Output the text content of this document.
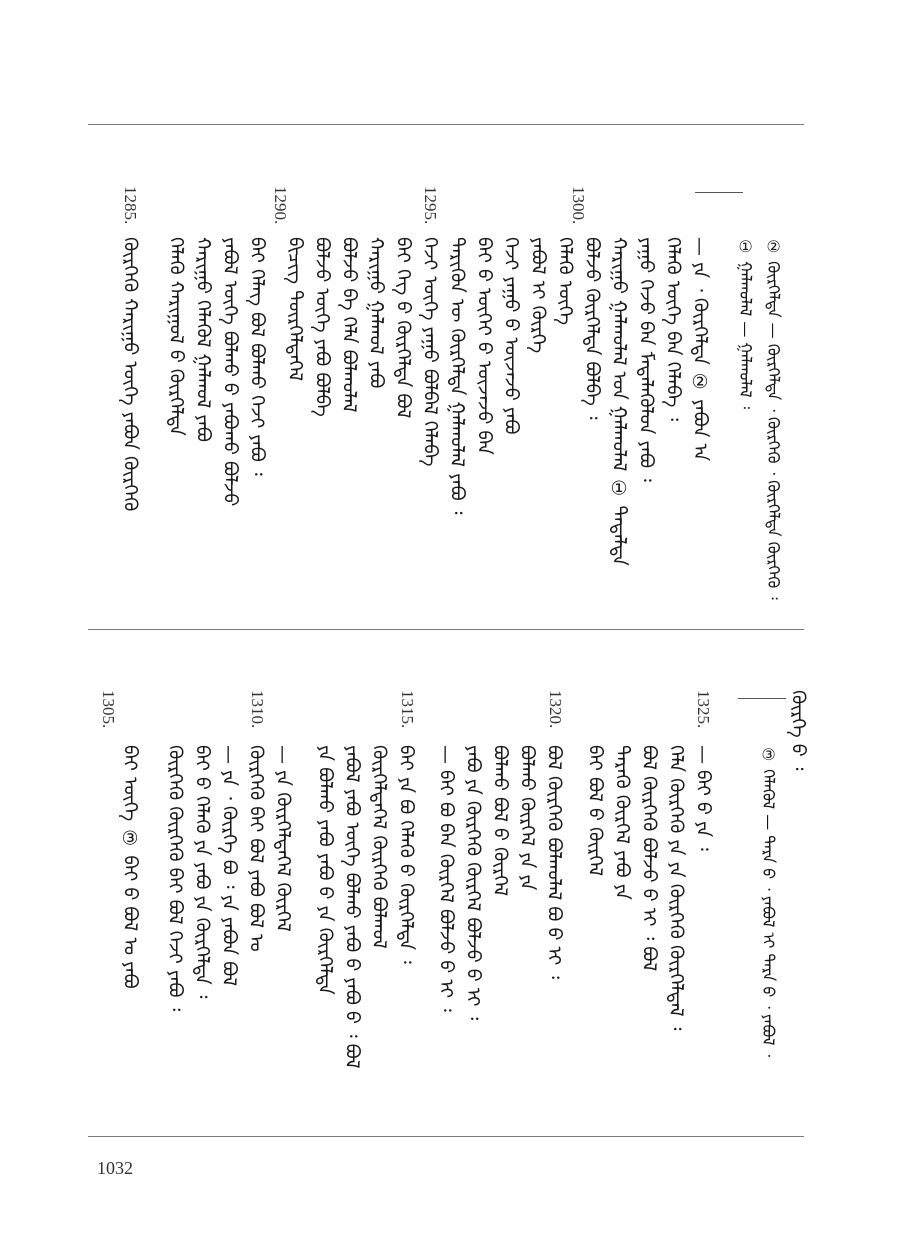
② ᠬᠦᠷᠭᠡᠯᠲᠡ — ᠬᠦᠷᠭᠡᠯᠲᠡ ᠂ ᠬᠦᠷᠭᠡᠬᠦ ᠂ ᠬᠦᠷᠭᠡᠯᠲᠡ ᠬᠦᠷᠭᠡᠬᠦ ᠄
① ᠭᠠᠯᠬᠤᠯᠠᠯ — ᠭᠠᠯᠬᠤᠯᠠᠯ ᠄
— ᠶᠠ ᠂ ᠬᠦᠷᠭᠡᠯᠲᠡ ② ᠶᠠᠪᠤᠨ ᠠ
ᠬᠡᠯᠡᠬᠦ ᠦᠭᠡ ᠪᠡᠨ ᠬᠡᠯᠡᠪᠡ ᠄
ᠶᠠᠭᠤ ᠭᠡᠵᠦ ᠪᠡᠨ ᠮᠡᠳᠡᠯᠡᠭᠦᠯᠦᠨ ᠶᠠᠪᠤ ᠄
ᠬᠠᠷᠢᠭᠤ ᠭᠠᠯᠬᠤᠯᠠᠯ ᠤᠨ ᠭᠠᠯᠬᠤᠯᠠᠯ ① ᠲᠠᠲᠠᠯᠲᠠ
ᠪᠣᠯᠵᠤ ᠬᠦᠷᠭᠡᠯᠲᠡ ᠪᠣᠯᠪᠠ ᠄
ᠬᠡᠯᠡᠬᠦ ᠦᠭᠡ
ᠶᠠᠪᠤᠯ ᠢ ᠬᠦᠷᠭᠡ
ᠬᠡᠵᠢ ᠶᠠᠭᠤ ᠪ ᠦᠵᠡᠵᠦ ᠶᠠᠪᠤ
ᠪᠠᠢ ᠪ ᠦᠭᠡᠢ ᠪ ᠦᠵᠡᠵᠦ ᠪᠡᠨ
ᠲᠡᠷᠢᠭᠦᠨ ᠦ ᠬᠦᠷᠭᠡᠯᠲᠡ ᠭᠠᠯᠬᠤᠯᠠᠯ ᠶᠠᠪᠤ ᠄
ᠬᠡᠵᠢ ᠦᠭᠡ ᠶᠠᠭᠤ ᠪᠣᠯᠪᠠᠯ ᠬᠡᠯᠡᠪᠡ
ᠪᠠᠢ ᠬᠡᠭ ᠪ ᠬᠦᠷᠭᠡᠯᠲᠡ ᠪᠣᠯ
ᠬᠠᠷᠢᠭᠤ ᠭᠠᠯᠬᠤᠯ ᠶᠠᠪᠤ
ᠪᠣᠯᠵᠤ ᠪᠡ ᠬᠡᠯᠡ ᠪᠣᠯᠬᠤᠯᠠᠯ
ᠪᠣᠯᠵᠤ ᠦᠭᠡ ᠶᠠᠪᠤ ᠪᠣᠯᠪᠠ
ᠪᠢᠴᠢᠭ ᠲᠦᠷᠭᠡᠯᠲᠡᠬᠡᠯ
ᠪᠠᠢ ᠬᠡᠯᠡᠭ ᠪᠣᠯ ᠪᠣᠯᠬᠤ ᠬᠡᠵᠢ ᠶᠠᠪᠤ ᠄
ᠶᠠᠪᠤᠯ ᠦᠭᠡ ᠪᠣᠯᠬᠤ ᠪ ᠶᠠᠪᠤᠬᠤ ᠪᠣᠯᠵᠤ
ᠬᠠᠷᠢᠭᠤ ᠬᠡᠯᠡᠭᠦᠯ ᠭᠠᠯᠬᠤᠯ ᠶᠠᠪᠤ
ᠬᠡᠯᠡᠬᠦ ᠬᠠᠷᠢᠭᠤᠯ ᠪ ᠬᠦᠷᠭᠡᠯᠲᠡ
ᠬᠦᠷᠭᠡᠬᠦ ᠬᠠᠷᠢᠭᠤ ᠦᠭᠡ ᠶᠠᠪᠤᠨ ᠬᠦᠷᠭᠡᠬᠦ
1300.
1295.
1290.
1285.
ᠬᠦᠷᠭᠡ ᠪ ᠄
③ ᠬᠡᠯᠡᠭᠦᠯ — ᠲᠡᠷᠡ ᠪ ᠂ ᠶᠠᠪᠤᠯ ᠢ ᠲᠡᠷᠡ ᠪ ᠂ ᠶᠠᠪᠤᠯ ᠂
— ᠪᠠᠢ ᠪ ᠶᠠ ᠄
ᠬᠡᠯᠡ ᠬᠦᠷᠭᠡᠬᠦ ᠶᠠ ᠶᠠ ᠬᠦᠷᠭᠡᠬᠦ ᠬᠦᠷᠭᠡᠯᠲᠡᠯ ᠄
ᠪᠣᠯ ᠬᠦᠷᠭᠡᠬᠦ ᠪᠣᠯᠵᠤ ᠪ ᠢ ᠄ ᠪᠣᠯ
ᠲᠡᠷᠡᠭᠦ ᠬᠦᠷᠭᠡᠯ ᠶᠠᠪᠤ ᠶᠠ
ᠪᠠᠢ ᠪᠣᠯ ᠪ ᠬᠦᠷᠭᠡᠯ
ᠪᠣᠯ ᠬᠦᠷᠭᠡᠬᠦ ᠪᠣᠯᠬᠤᠯᠠᠯ ᠪᠣ ᠪ ᠢ ᠄
ᠪᠣᠯᠬᠤ ᠬᠦᠷᠭᠡᠯ ᠶᠠ ᠶᠠ
ᠪᠣᠯᠬᠤ ᠪᠣᠯ ᠪ ᠬᠦᠷᠭᠡᠯ
ᠶᠠᠪᠤ ᠶᠠ ᠬᠦᠷᠭᠡᠬᠦ ᠬᠦᠷᠭᠡᠯ ᠪᠣᠯᠵᠤ ᠪ ᠢ ᠄
— ᠪᠠᠢ ᠪᠣ ᠪᠡᠨ ᠬᠦᠷᠭᠡᠯ ᠪᠣᠯᠵᠤ ᠪ ᠢ ᠄
ᠪᠠᠢ ᠶᠠ ᠪᠣ ᠬᠡᠯᠡᠬᠦ ᠪ ᠬᠦᠷᠭᠡᠯᠲᠡ ᠄
ᠬᠦᠷᠭᠡᠯᠲᠡᠬᠡᠯ ᠬᠦᠷᠭᠡᠬᠦ ᠪᠣᠯᠬᠤᠯ
ᠶᠠᠪᠤᠯ ᠶᠠᠪᠤ ᠦᠭᠡ ᠪᠣᠯᠬᠤ ᠶᠠᠪᠤ ᠪ ᠶᠠᠪᠤ ᠪ ᠄ ᠪᠣᠯ
ᠶᠠ ᠪᠣᠯᠬᠤ ᠶᠠᠪᠤ ᠶᠠᠪᠤ ᠪ ᠶᠠ ᠬᠦᠷᠭᠡᠯᠲᠡ
— ᠶᠠ ᠬᠦᠷᠭᠡᠯᠲᠡᠬᠡᠯ ᠬᠦᠷᠭᠡᠯ
ᠬᠦᠷᠭᠡᠬᠦ ᠪᠠᠢ ᠪᠣᠯ ᠶᠠᠪᠤ ᠪᠣᠯ ᠤ
— ᠶᠠ ᠂ ᠬᠦᠷᠭᠡ ᠪᠣ ᠄ ᠶᠠ ᠶᠠᠪᠤᠨ ᠪᠣᠯ
ᠪᠠᠢ ᠪ ᠬᠡᠯᠡᠬᠦ ᠶᠠ ᠶᠠᠪᠤ ᠶᠠ ᠬᠦᠷᠭᠡᠯᠲᠡ ᠄
ᠬᠦᠷᠭᠡᠬᠦ ᠬᠦᠷᠭᠡᠬᠦ ᠪᠠᠢ ᠪᠣᠯ ᠬᠡᠵᠢ ᠶᠠᠪᠤ ᠄
ᠪᠠᠢ ᠦᠭᠡ ③ ᠪᠠᠢ ᠪ ᠪᠣᠯ ᠤ ᠶᠠᠪᠤ
1325.
1320.
1315.
1310.
1305.
1032
